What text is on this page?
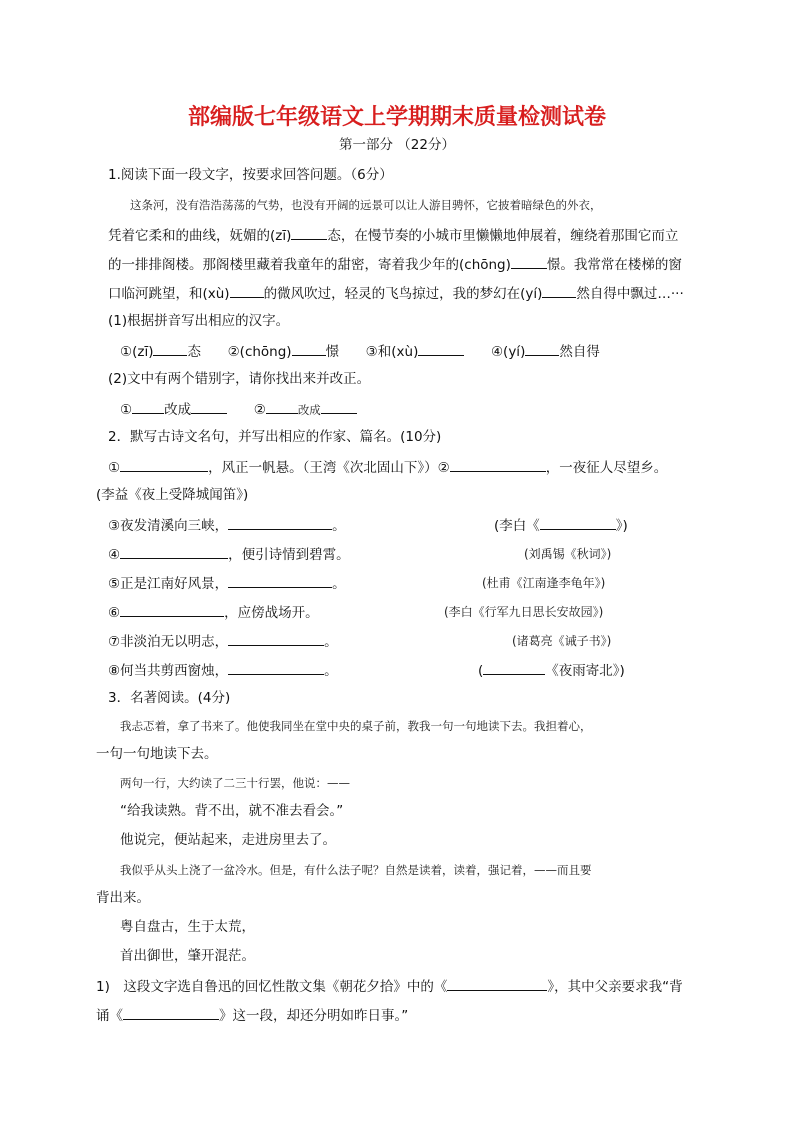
部编版七年级语文上学期期末质量检测试卷
第一部分 （22分）
1.阅读下面一段文字，按要求回答问题。（6分）
这条河，没有浩浩荡荡的气势，也没有开阔的远景可以让人游目骋怀，它披着暗绿色的外衣，
凭着它柔和的曲线，妩媚的(zī)	态，在慢节奏的小城市里懒懒地伸展着，缠绕着那围它而立
的一排排阁楼。那阁楼里藏着我童年的甜密，寄着我少年的(chōng)	憬。我常常在楼梯的窗
口临河跳望，和(xù)	的微风吹过，轻灵的飞鸟掠过，我的梦幻在(yí)	然自得中飘过…···
(1)根据拼音写出相应的汉字。
①(zī)	态 ②(chōng)	憬 ③和(xù)	④(yí)	然自得
(2)文中有两个错别字，请你找出来并改正。
① 改成	②	改成
2．默写古诗文名句，并写出相应的作家、篇名。(10分)
①	，风正一帆悬。（王湾《次北固山下》）②	，一夜征人尽望乡。
(李益《夜上受降城闻笛》)
③夜发清溪向三峡，	。	(李白《	》)
④	，便引诗情到碧霄。	(刘禹锡《秋词》)
⑤正是江南好风景，	。	(杜甫《江南逢李龟年》)
⑥	，应傍战场开。	(李白《行军九日思长安故园》)
⑦非淡泊无以明志，	。	(诸葛亮《诫子书》)
⑧何当共剪西窗烛，	。	(	《夜雨寄北》)
3．名著阅读。(4分)
我忐忑着，拿了书来了。他使我同坐在堂中央的桌子前，教我一句一句地读下去。我担着心，
一句一句地读下去。
两句一行，大约读了二三十行罢，他说：——
“给我读熟。背不出，就不准去看会。”
他说完，便站起来，走进房里去了。
我似乎从头上浇了一盆冷水。但是，有什么法子呢？自然是读着，读着，强记着，——而且要
背出来。
粤自盘古，生于太荒，
首出御世，肇开混茫。
1)　这段文字选自鲁迅的回忆性散文集《朝花夕拾》中的《	》，其中父亲要求我“背
诵《	》这一段，却还分明如昨日事。”
